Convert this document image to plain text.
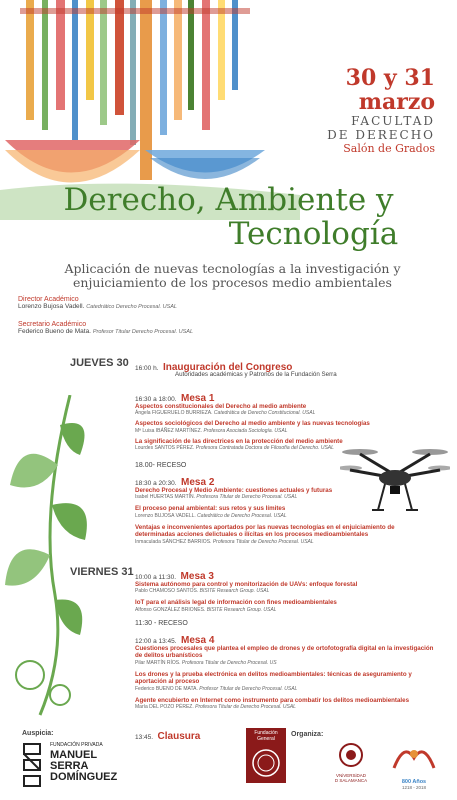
30 y 31
marzo
FACULTAD
DE DERECHO
Salón de Grados
Derecho, Ambiente y
Tecnología
Aplicación de nuevas tecnologías a la investigación y enjuiciamiento de los procesos medio ambientales
Director Académico
Lorenzo Bujosa Vadell. Catedrático Derecho Procesal. USAL
Secretario Académico
Federico Bueno de Mata. Profesor Titular Derecho Procesal. USAL
JUEVES 30 16:00 h. Inauguración del Congreso
Autoridades académicas y Patronos de la Fundación Serra
16:30 a 18:00. Mesa 1
Aspectos constitucionales del Derecho al medio ambiente
Ángela FIGUERUELO BURRIEZA. Catedrática de Derecho Constitucional. USAL
Aspectos sociológicos del Derecho al medio ambiente y las nuevas tecnologías
Mª Luisa IBÁÑEZ MARTÍNEZ. Profesora Asociada Sociología. USAL
La significación de las directrices en la protección del medio ambiente
Lourdes SANTOS PÉREZ. Profesora Contratada Doctora de Filosofía del Derecho. USAL
18.00- RECESO
18:30 a 20:30. Mesa 2
Derecho Procesal y Medio Ambiente: cuestiones actuales y futuras
Isabel HUERTAS MARTÍN. Profesora Titular de Derecho Procesal. USAL
El proceso penal ambiental: sus retos y sus límites
Lorenzo BUJOSA VADELL. Catedrático de Derecho Procesal. USAL
Ventajas e inconvenientes aportados por las nuevas tecnologías en el enjuiciamiento de determinadas acciones delictuales o ilícitas en los procesos medioambientales
Inmaculada SÁNCHEZ BARRIOS. Profesora Titular de Derecho Procesal. USAL
VIERNES 31 10:00 a 11:30. Mesa 3
Sistema autónomo para control y monitorización de UAVs: enfoque forestal
Pablo CHAMOSO SANTOS. BISITE Research Group. USAL
IoT para el análisis legal de información con fines medioambientales
Alfonso GONZÁLEZ BRIONES. BISITE Research Group. USAL
11:30 - RECESO
12:00 a 13:45. Mesa 4
Cuestiones procesales que plantea el empleo de drones y de ortofotografía digital en la investigación de delitos urbanísticos
Pilar MARTÍN RÍOS. Profesora Titular de Derecho Procesal. US
Los drones y la prueba electrónica en delitos medioambientales: técnicas de aseguramiento y aportación al proceso
Federico BUENO DE MATA. Profesor Titular de Derecho Procesal. USAL
Agente encubierto en Internet como instrumento para combatir los delitos medioambientales
María DEL POZO PÉREZ. Profesora Titular de Derecho Procesal. USAL
13:45. Clausura
Auspicia:
FUNDACIÓN PRIVADA
MANUEL
SERRA
DOMÍNGUEZ
Fundación
General
Organiza:
VNiVERSiDAD
D SALAMANCA	800 Años
1218 - 2018
